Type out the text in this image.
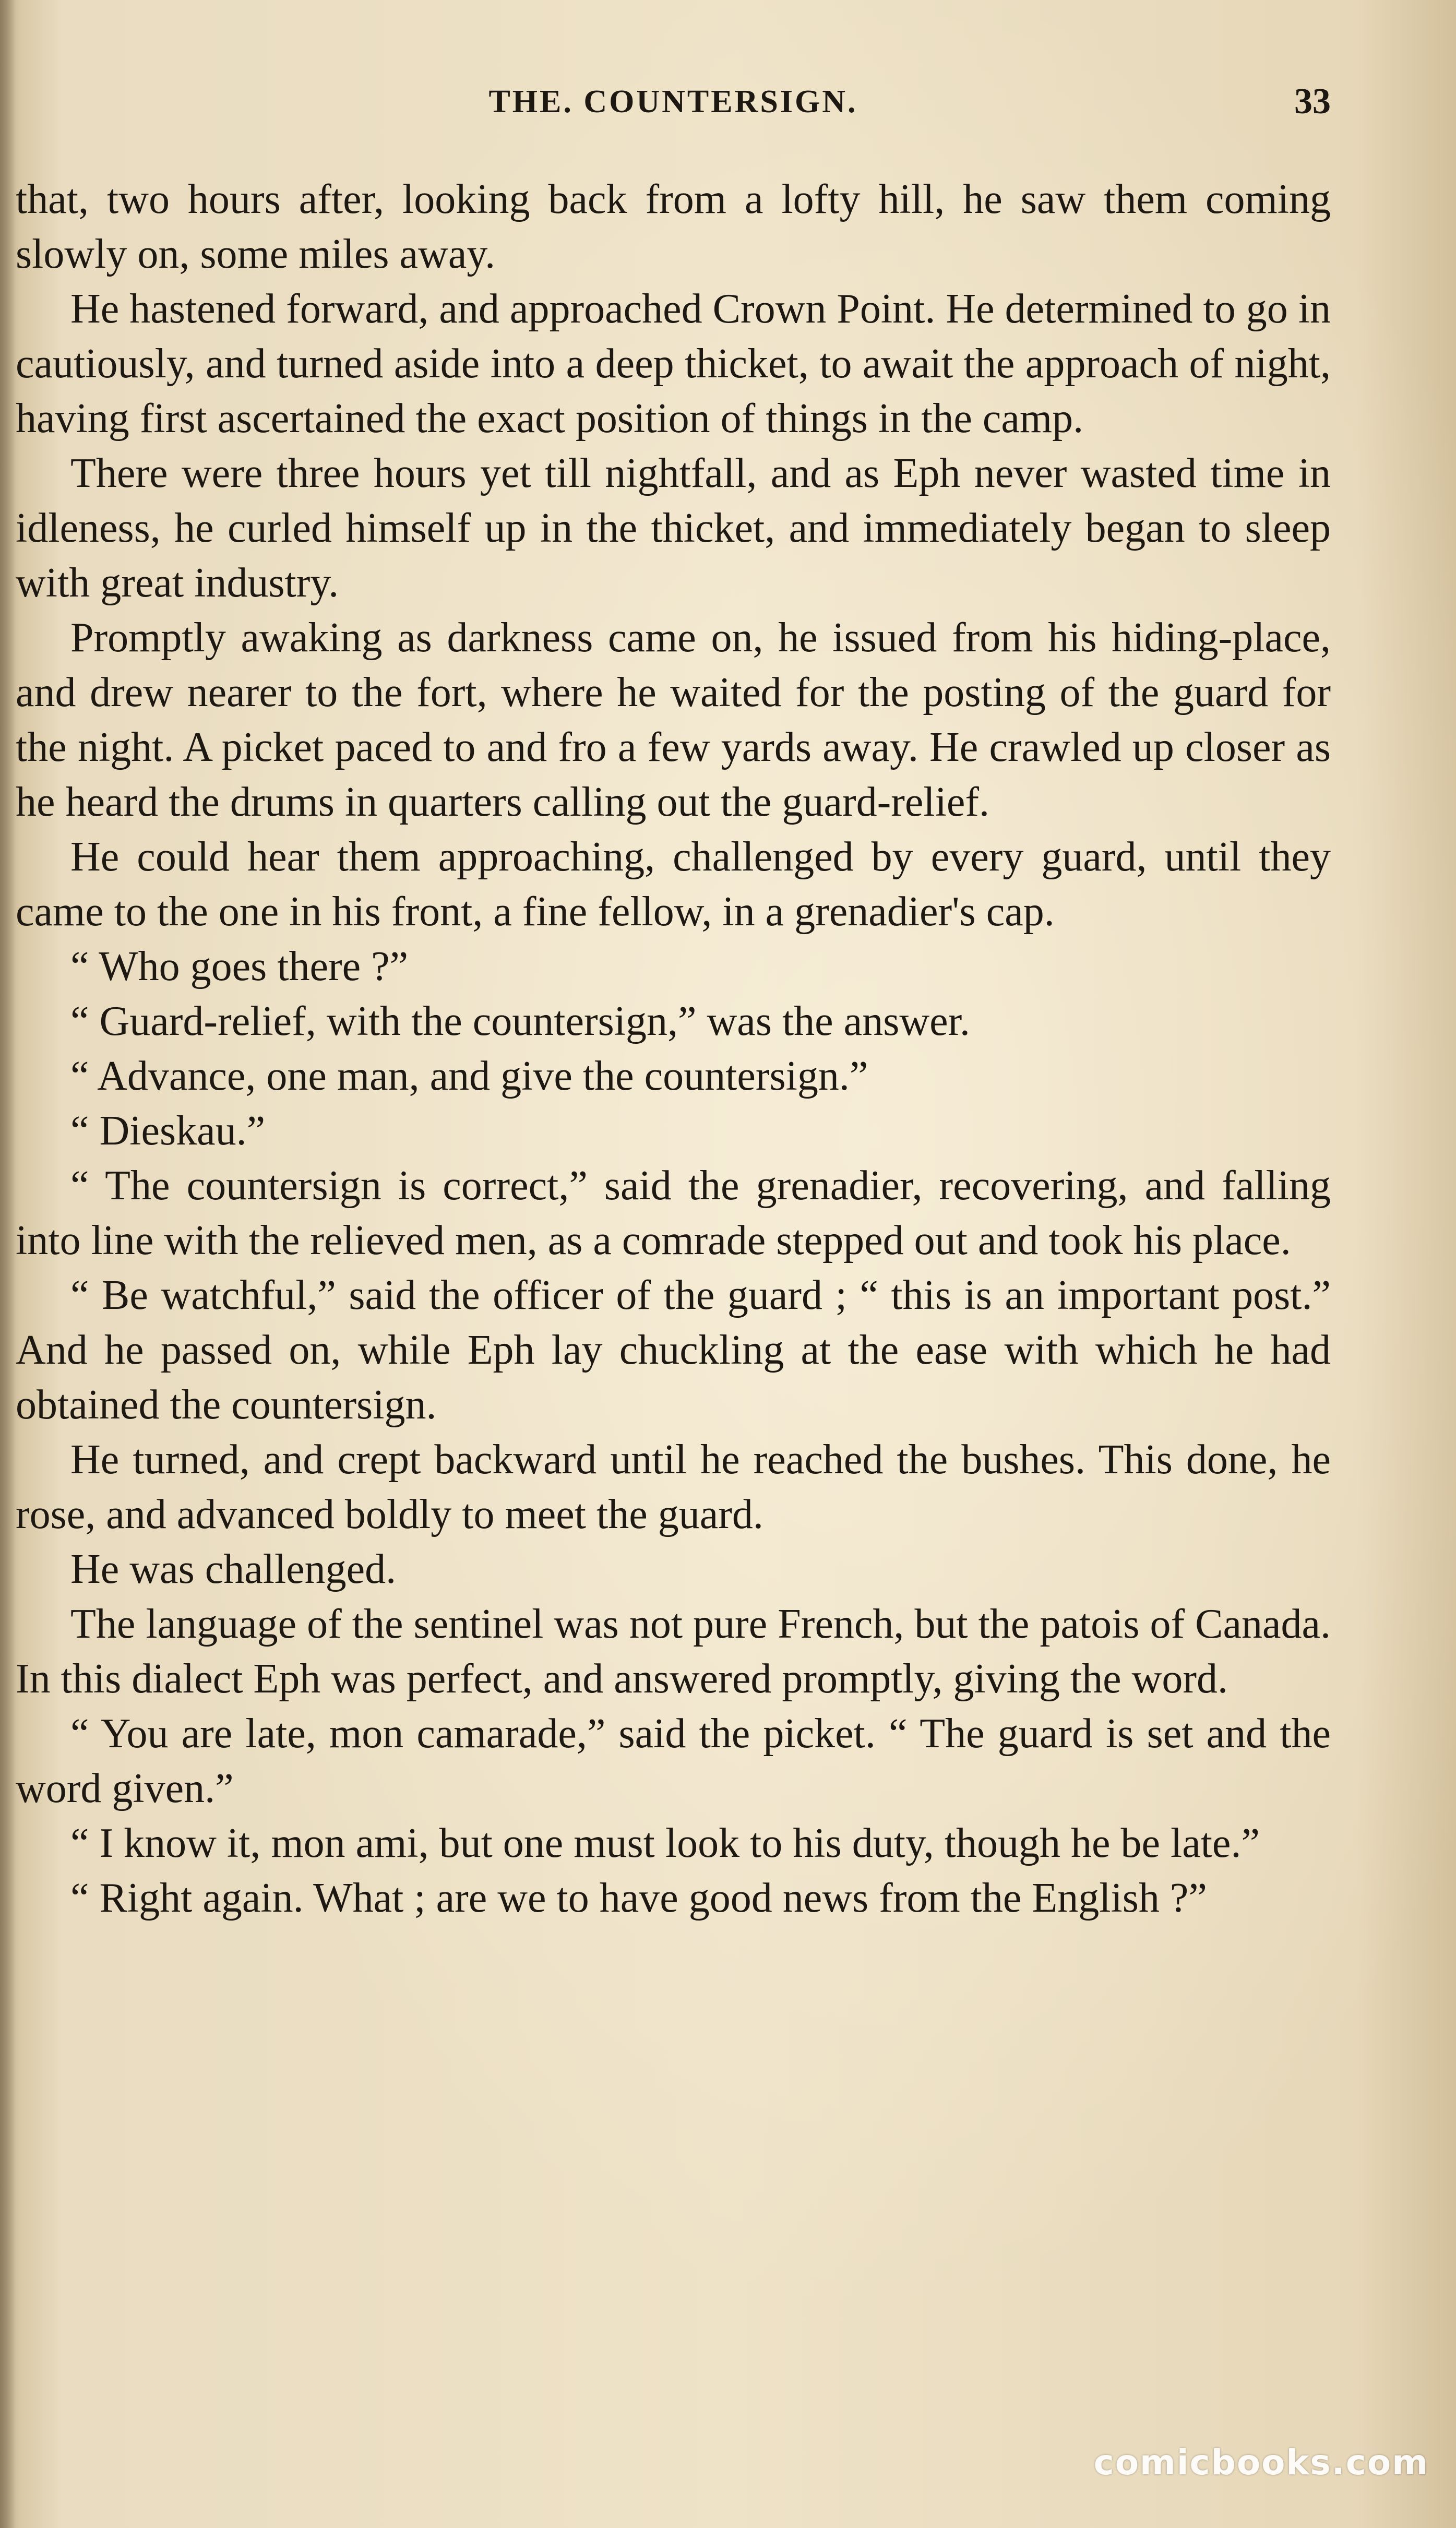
THE. COUNTERSIGN.	33

that, two hours after, looking back from a lofty hill, he saw them coming slowly on, some miles away.

He hastened forward, and approached Crown Point. He determined to go in cautiously, and turned aside into a deep thicket, to await the approach of night, having first ascertained the exact position of things in the camp.

There were three hours yet till nightfall, and as Eph never wasted time in idleness, he curled himself up in the thicket, and immediately began to sleep with great industry.

Promptly awaking as darkness came on, he issued from his hiding-place, and drew nearer to the fort, where he waited for the posting of the guard for the night. A picket paced to and fro a few yards away. He crawled up closer as he heard the drums in quarters calling out the guard-relief.

He could hear them approaching, challenged by every guard, until they came to the one in his front, a fine fellow, in a grenadier's cap.

“ Who goes there ?”

“ Guard-relief, with the countersign,” was the answer.

“ Advance, one man, and give the countersign.”

“ Dieskau.”

“ The countersign is correct,” said the grenadier, recovering, and falling into line with the relieved men, as a comrade stepped out and took his place.

“ Be watchful,” said the officer of the guard ; “ this is an important post.” And he passed on, while Eph lay chuckling at the ease with which he had obtained the countersign.

He turned, and crept backward until he reached the bushes. This done, he rose, and advanced boldly to meet the guard.

He was challenged.

The language of the sentinel was not pure French, but the patois of Canada. In this dialect Eph was perfect, and answered promptly, giving the word.

“ You are late, mon camarade,” said the picket. “ The guard is set and the word given.”

“ I know it, mon ami, but one must look to his duty, though he be late.”

“ Right again. What ; are we to have good news from the English ?”

comicbooks.com
